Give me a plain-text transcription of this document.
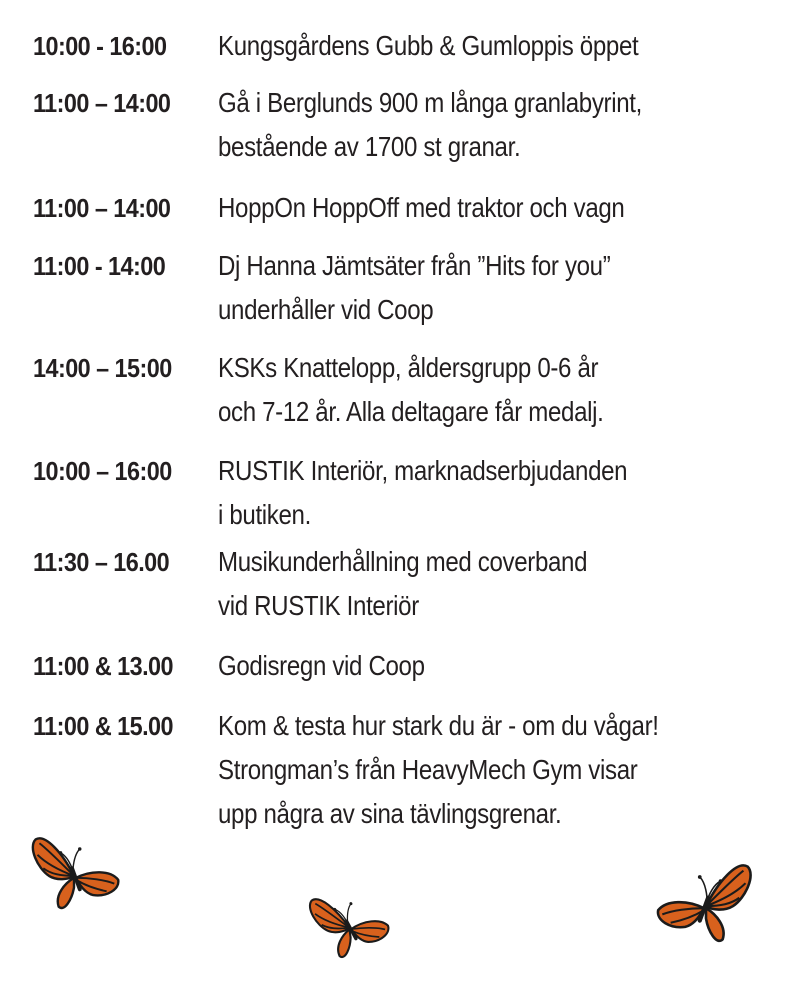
10:00 - 16:00	Kungsgårdens Gubb & Gumloppis öppet
11:00 – 14:00	Gå i Berglunds 900 m långa granlabyrint,
bestående av 1700 st granar.
11:00 – 14:00	HoppOn HoppOff med traktor och vagn
11:00 - 14:00	Dj Hanna Jämtsäter från ”Hits for you”
underhåller vid Coop
14:00 – 15:00	KSKs Knattelopp, åldersgrupp 0-6 år
och 7-12 år. Alla deltagare får medalj.
10:00 – 16:00	RUSTIK Interiör, marknadserbjudanden
i butiken.
11:30 – 16.00	Musikunderhållning med coverband
vid RUSTIK Interiör
11:00 & 13.00	Godisregn vid Coop
11:00 & 15.00	Kom & testa hur stark du är - om du vågar!
Strongman’s från HeavyMech Gym visar
upp några av sina tävlingsgrenar.
